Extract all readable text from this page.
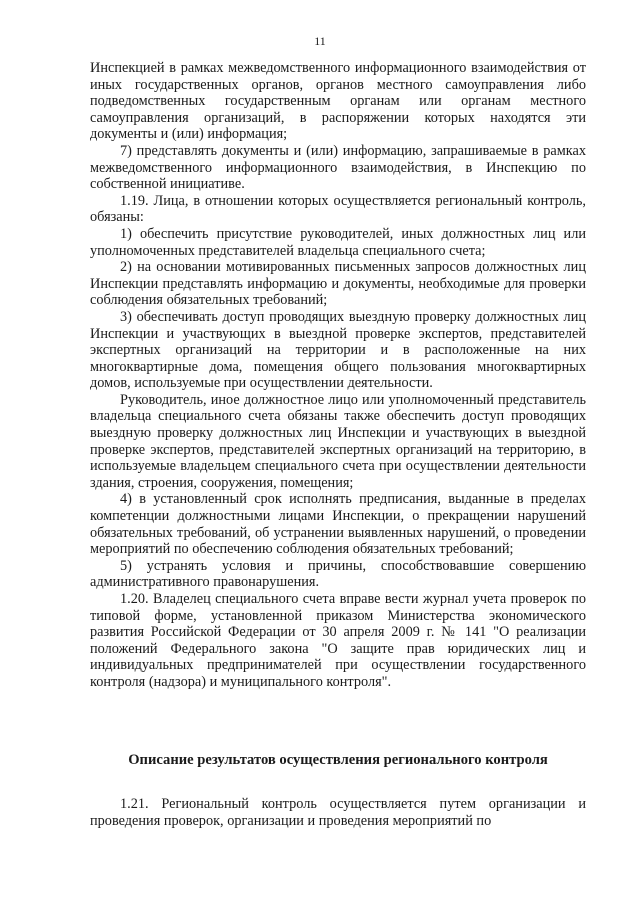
11

Инспекцией в рамках межведомственного информационного взаимодействия от иных государственных органов, органов местного самоуправления либо подведомственных государственным органам или органам местного самоуправления организаций, в распоряжении которых находятся эти документы и (или) информация;

7) представлять документы и (или) информацию, запрашиваемые в рамках межведомственного информационного взаимодействия, в Инспекцию по собственной инициативе.

1.19. Лица, в отношении которых осуществляется региональный контроль, обязаны:

1) обеспечить присутствие руководителей, иных должностных лиц или уполномоченных представителей владельца специального счета;

2) на основании мотивированных письменных запросов должностных лиц Инспекции представлять информацию и документы, необходимые для проверки соблюдения обязательных требований;

3) обеспечивать доступ проводящих выездную проверку должностных лиц Инспекции и участвующих в выездной проверке экспертов, представителей экспертных организаций на территории и в расположенные на них многоквартирные дома, помещения общего пользования многоквартирных домов, используемые при осуществлении деятельности.

Руководитель, иное должностное лицо или уполномоченный представитель владельца специального счета обязаны также обеспечить доступ проводящих выездную проверку должностных лиц Инспекции и участвующих в выездной проверке экспертов, представителей экспертных организаций на территорию, в используемые владельцем специального счета при осуществлении деятельности здания, строения, сооружения, помещения;

4) в установленный срок исполнять предписания, выданные в пределах компетенции должностными лицами Инспекции, о прекращении нарушений обязательных требований, об устранении выявленных нарушений, о проведении мероприятий по обеспечению соблюдения обязательных требований;

5) устранять условия и причины, способствовавшие совершению административного правонарушения.

1.20. Владелец специального счета вправе вести журнал учета проверок по типовой форме, установленной приказом Министерства экономического развития Российской Федерации от 30 апреля 2009 г. № 141 "О реализации положений Федерального закона "О защите прав юридических лиц и индивидуальных предпринимателей при осуществлении государственного контроля (надзора) и муниципального контроля".

Описание результатов осуществления регионального контроля

1.21. Региональный контроль осуществляется путем организации и проведения проверок, организации и проведения мероприятий по
